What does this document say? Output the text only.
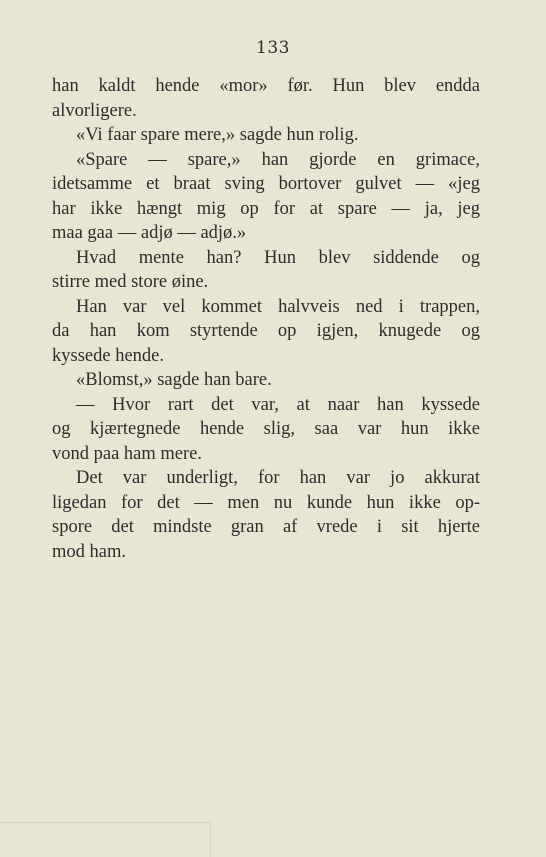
133
han kaldt hende «mor» før. Hun blev endda
alvorligere.
«Vi faar spare mere,» sagde hun rolig.
«Spare — spare,» han gjorde en grimace,
idetsamme et braat sving bortover gulvet — «jeg
har ikke hængt mig op for at spare — ja, jeg
maa gaa — adjø — adjø.»
Hvad mente han? Hun blev siddende og
stirre med store øine.
Han var vel kommet halvveis ned i trappen,
da han kom styrtende op igjen, knugede og
kyssede hende.
«Blomst,» sagde han bare.
— Hvor rart det var, at naar han kyssede
og kjærtegnede hende slig, saa var hun ikke
vond paa ham mere.
Det var underligt, for han var jo akkurat
ligedan for det — men nu kunde hun ikke op-
spore det mindste gran af vrede i sit hjerte
mod ham.
